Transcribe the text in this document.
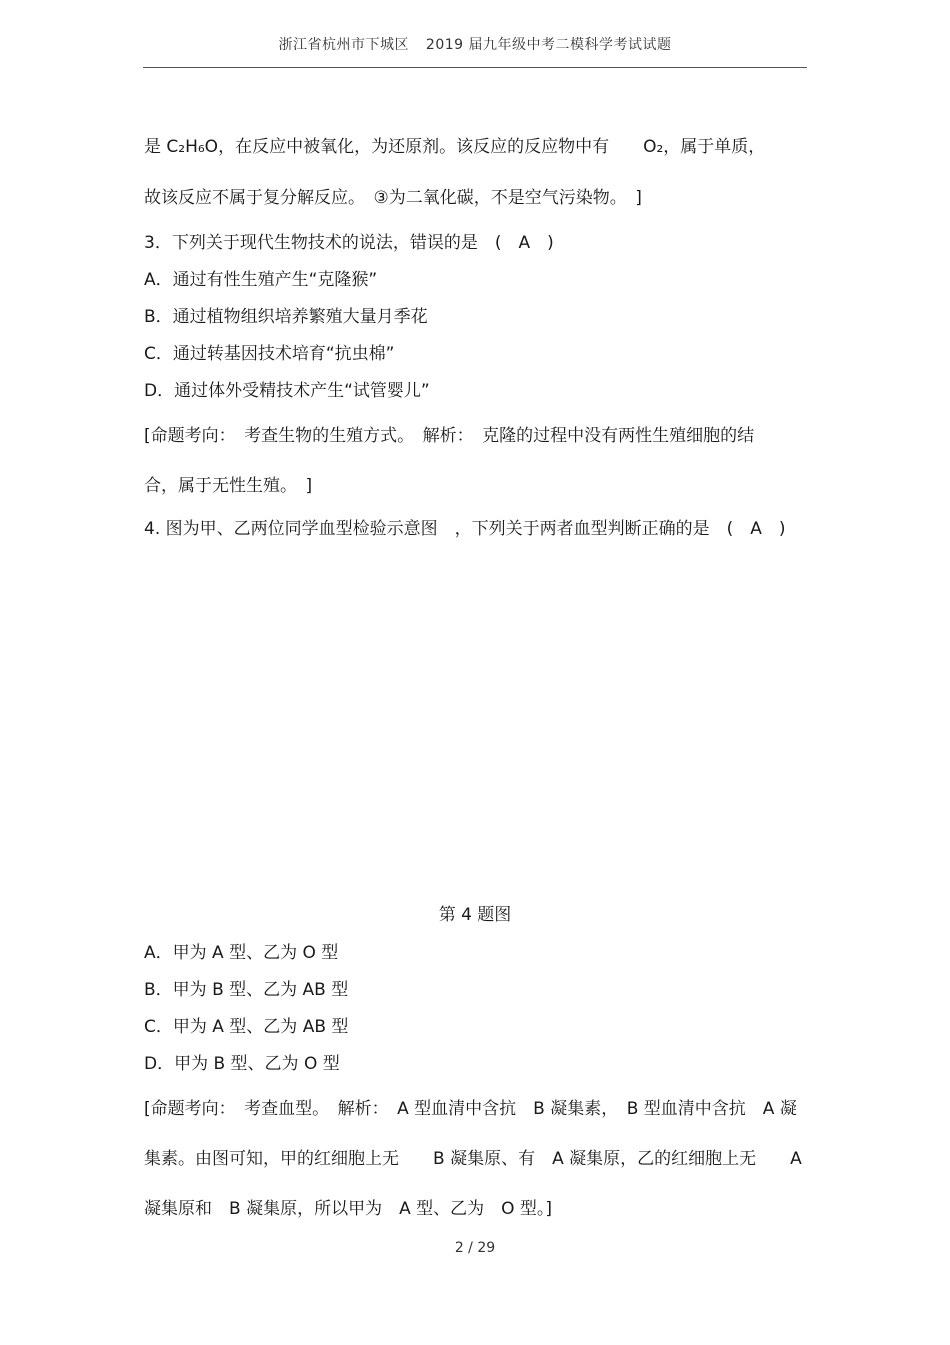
浙江省杭州市下城区 2019 届九年级中考二模科学考试试题
是 C₂H₆O，在反应中被氧化，为还原剂。该反应的反应物中有　　O₂，属于单质，
故该反应不属于复分解反应。　③为二氧化碳，不是空气污染物。　]
3．下列关于现代生物技术的说法，错误的是　(　A　)
A．通过有性生殖产生“克隆猴”
B．通过植物组织培养繁殖大量月季花
C．通过转基因技术培育“抗虫棉”
D．通过体外受精技术产生“试管婴儿”
[命题考向：　考查生物的生殖方式。　解析：　克隆的过程中没有两性生殖细胞的结
合，属于无性生殖。　]
4. 图为甲、乙两位同学血型检验示意图　，下列关于两者血型判断正确的是　(　A　)
第 4 题图
A．甲为 A 型、乙为 O 型
B．甲为 B 型、乙为 AB 型
C．甲为 A 型、乙为 AB 型
D．甲为 B 型、乙为 O 型
[命题考向：　考查血型。　解析：　A 型血清中含抗　B 凝集素，　B 型血清中含抗　A 凝
集素。由图可知，甲的红细胞上无　　B 凝集原、有　A 凝集原，乙的红细胞上无　　A
凝集原和　B 凝集原，所以甲为　A 型、乙为　O 型。]
2 / 29
